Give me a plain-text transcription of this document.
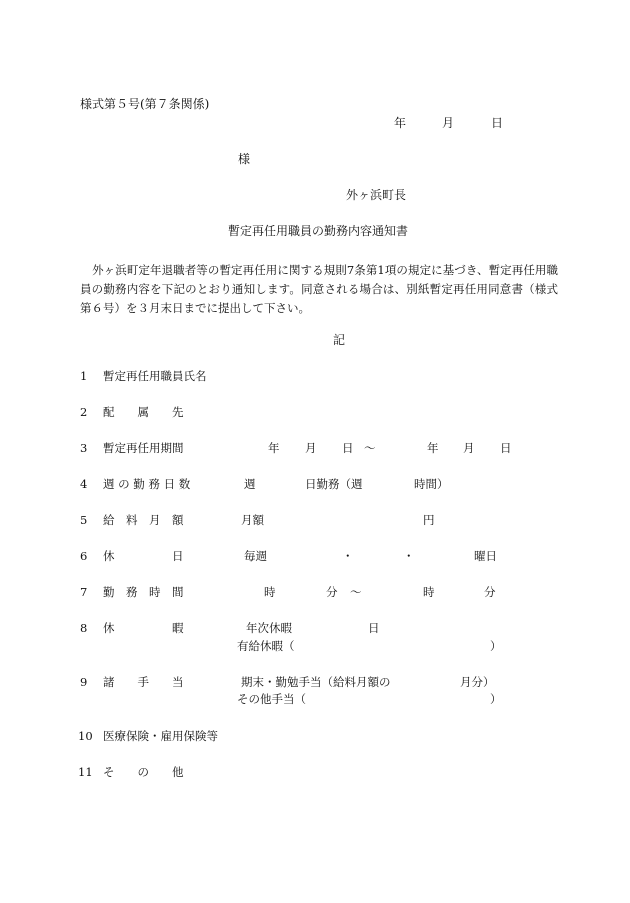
様式第５号(第７条関係)
年	月	日
様
外ヶ浜町長
暫定再任用職員の勤務内容通知書
外ヶ浜町定年退職者等の暫定再任用に関する規則7条第1項の規定に基づき、暫定再任用職員の勤務内容を下記のとおり通知します。同意される場合は、別紙暫定再任用同意書（様式第６号）を３月末日までに提出して下さい。
記
1 暫定再任用職員氏名
2 配　　属　　先
3 暫定再任用期間	年 月 日 ～	年 月 日
4 週 の 勤 務 日 数	週	日勤務（週	時間）
5 給　料　月　額	月額	円
6 休　　　　　日	毎週	・	・	曜日
7 勤　務　時　間	時	分 ～	時	分
8 休　　　　　暇	年次休暇	日
有給休暇（	）
9 諸　　手　　当	期末・勤勉手当（給料月額の	月分）
その他手当（	）
10 医療保険・雇用保険等
11 そ　　の　　他
